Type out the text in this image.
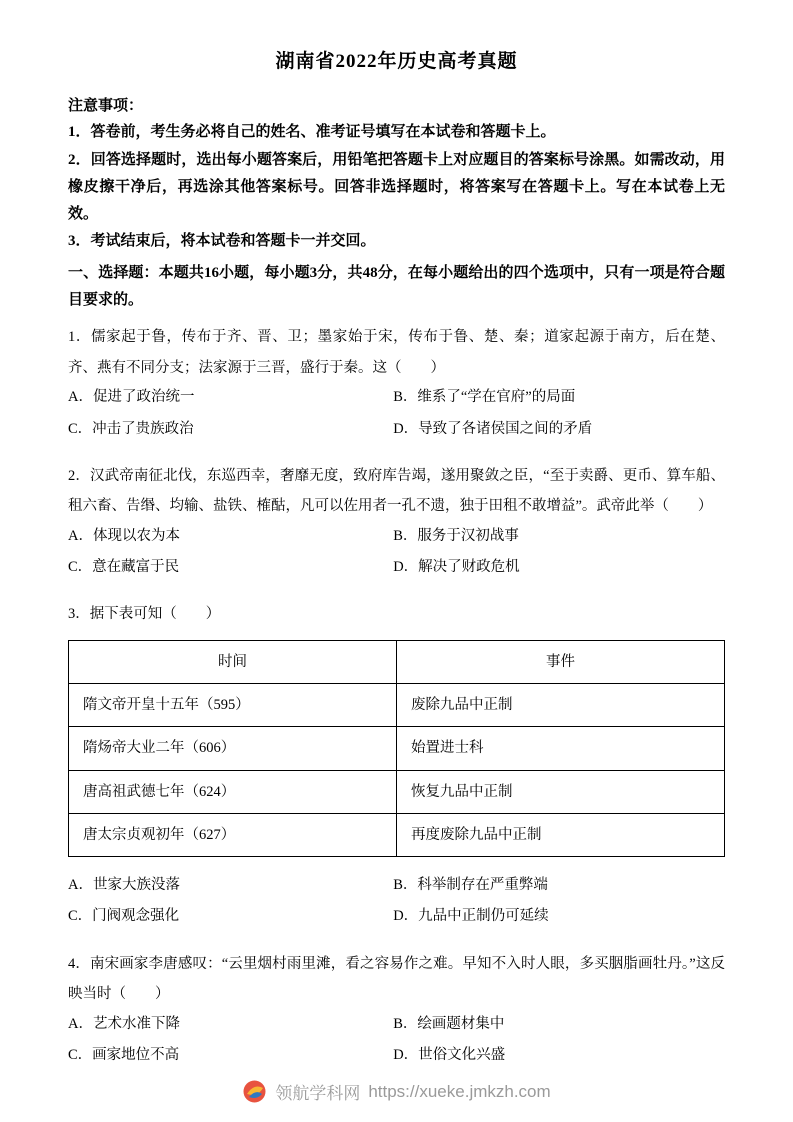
湖南省2022年历史高考真题

注意事项：

1．答卷前，考生务必将自己的姓名、准考证号填写在本试卷和答题卡上。

2．回答选择题时，选出每小题答案后，用铅笔把答题卡上对应题目的答案标号涂黑。如需改动，用橡皮擦干净后，再选涂其他答案标号。回答非选择题时，将答案写在答题卡上。写在本试卷上无效。

3．考试结束后，将本试卷和答题卡一并交回。

一、选择题：本题共16小题，每小题3分，共48分，在每小题给出的四个选项中，只有一项是符合题目要求的。

1．儒家起于鲁，传布于齐、晋、卫；墨家始于宋，传布于鲁、楚、秦；道家起源于南方，后在楚、齐、燕有不同分支；法家源于三晋，盛行于秦。这（　　）

A．促进了政治统一	B．维系了“学在官府”的局面
C．冲击了贵族政治	D．导致了各诸侯国之间的矛盾

2．汉武帝南征北伐，东巡西幸，奢靡无度，致府库告竭，遂用聚敛之臣，“至于卖爵、更币、算车船、租六畜、告缗、均输、盐铁、榷酤，凡可以佐用者一孔不遗，独于田租不敢增益”。武帝此举（　　）

A．体现以农为本	B．服务于汉初战事
C．意在藏富于民	D．解决了财政危机

3．据下表可知（　　）

时间	事件
隋文帝开皇十五年（595）	废除九品中正制
隋炀帝大业二年（606）	始置进士科
唐高祖武德七年（624）	恢复九品中正制
唐太宗贞观初年（627）	再度废除九品中正制
A．世家大族没落	B．科举制存在严重弊端
C．门阀观念强化	D．九品中正制仍可延续

4．南宋画家李唐感叹：“云里烟村雨里滩，看之容易作之难。早知不入时人眼，多买胭脂画牡丹。”这反映当时（　　）

A．艺术水准下降	B．绘画题材集中
C．画家地位不高	D．世俗文化兴盛
领航学科网 https://xueke.jmkzh.com
